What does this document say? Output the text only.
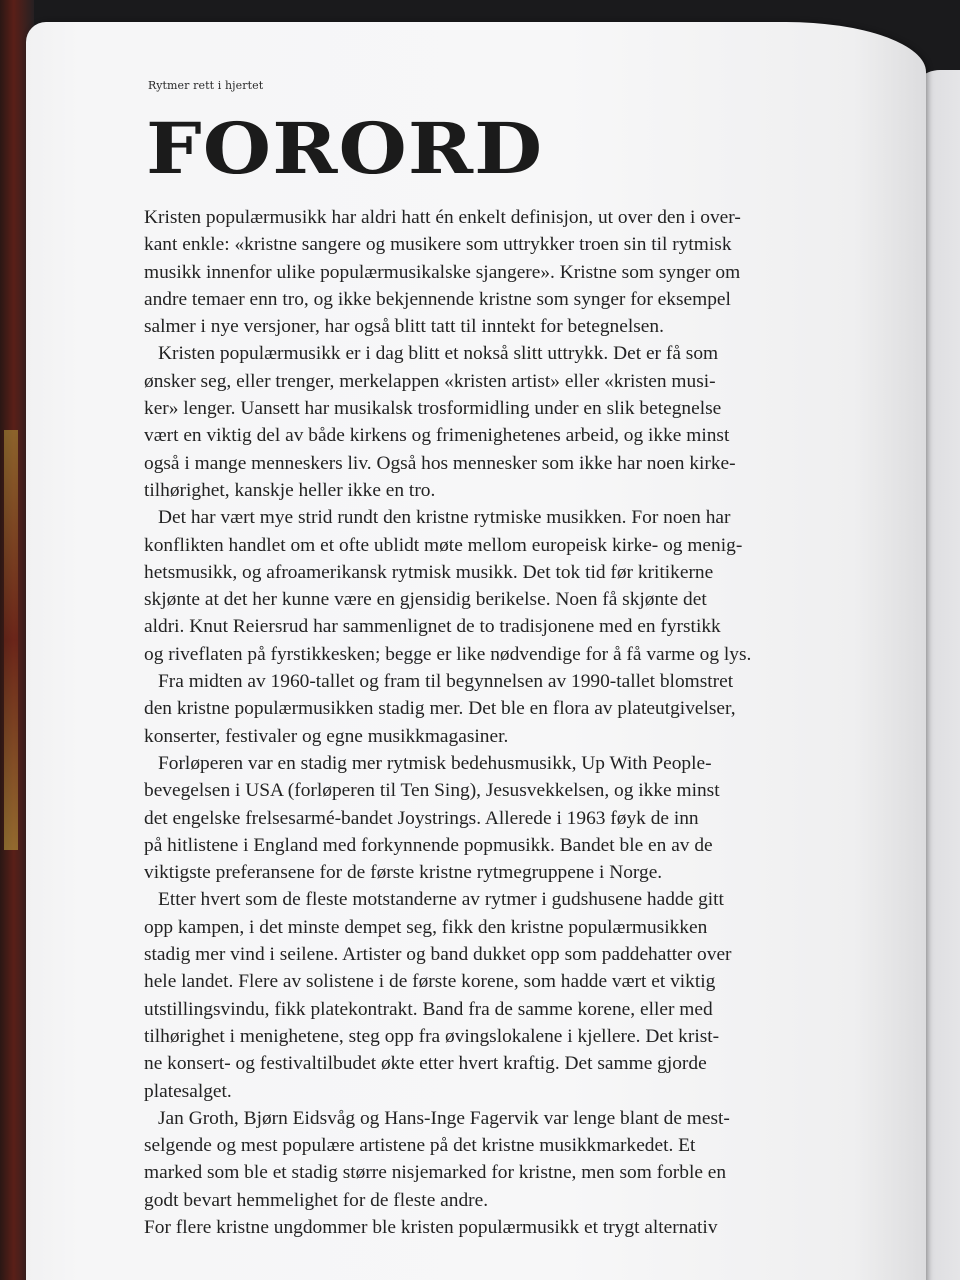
Rytmer rett i hjertet
FORORD
Kristen populærmusikk har aldri hatt én enkelt definisjon, ut over den i over-
kant enkle: «kristne sangere og musikere som uttrykker troen sin til rytmisk
musikk innenfor ulike populærmusikalske sjangere». Kristne som synger om
andre temaer enn tro, og ikke bekjennende kristne som synger for eksempel
salmer i nye versjoner, har også blitt tatt til inntekt for betegnelsen.
Kristen populærmusikk er i dag blitt et nokså slitt uttrykk. Det er få som
ønsker seg, eller trenger, merkelappen «kristen artist» eller «kristen musi-
ker» lenger. Uansett har musikalsk trosformidling under en slik betegnelse
vært en viktig del av både kirkens og frimenighetenes arbeid, og ikke minst
også i mange menneskers liv. Også hos mennesker som ikke har noen kirke-
tilhørighet, kanskje heller ikke en tro.
Det har vært mye strid rundt den kristne rytmiske musikken. For noen har
konflikten handlet om et ofte ublidt møte mellom europeisk kirke- og menig-
hetsmusikk, og afroamerikansk rytmisk musikk. Det tok tid før kritikerne
skjønte at det her kunne være en gjensidig berikelse. Noen få skjønte det
aldri. Knut Reiersrud har sammenlignet de to tradisjonene med en fyrstikk
og riveflaten på fyrstikkesken; begge er like nødvendige for å få varme og lys.
Fra midten av 1960-tallet og fram til begynnelsen av 1990-tallet blomstret
den kristne populærmusikken stadig mer. Det ble en flora av plateutgivelser,
konserter, festivaler og egne musikkmagasiner.
Forløperen var en stadig mer rytmisk bedehusmusikk, Up With People-
bevegelsen i USA (forløperen til Ten Sing), Jesusvekkelsen, og ikke minst
det engelske frelsesarmé-bandet Joystrings. Allerede i 1963 føyk de inn
på hitlistene i England med forkynnende popmusikk. Bandet ble en av de
viktigste preferansene for de første kristne rytmegruppene i Norge.
Etter hvert som de fleste motstanderne av rytmer i gudshusene hadde gitt
opp kampen, i det minste dempet seg, fikk den kristne populærmusikken
stadig mer vind i seilene. Artister og band dukket opp som paddehatter over
hele landet. Flere av solistene i de første korene, som hadde vært et viktig
utstillingsvindu, fikk platekontrakt. Band fra de samme korene, eller med
tilhørighet i menighetene, steg opp fra øvingslokalene i kjellere. Det krist-
ne konsert- og festivaltilbudet økte etter hvert kraftig. Det samme gjorde
platesalget.
Jan Groth, Bjørn Eidsvåg og Hans-Inge Fagervik var lenge blant de mest-
selgende og mest populære artistene på det kristne musikkmarkedet. Et
marked som ble et stadig større nisjemarked for kristne, men som forble en
godt bevart hemmelighet for de fleste andre.
For flere kristne ungdommer ble kristen populærmusikk et trygt alternativ
